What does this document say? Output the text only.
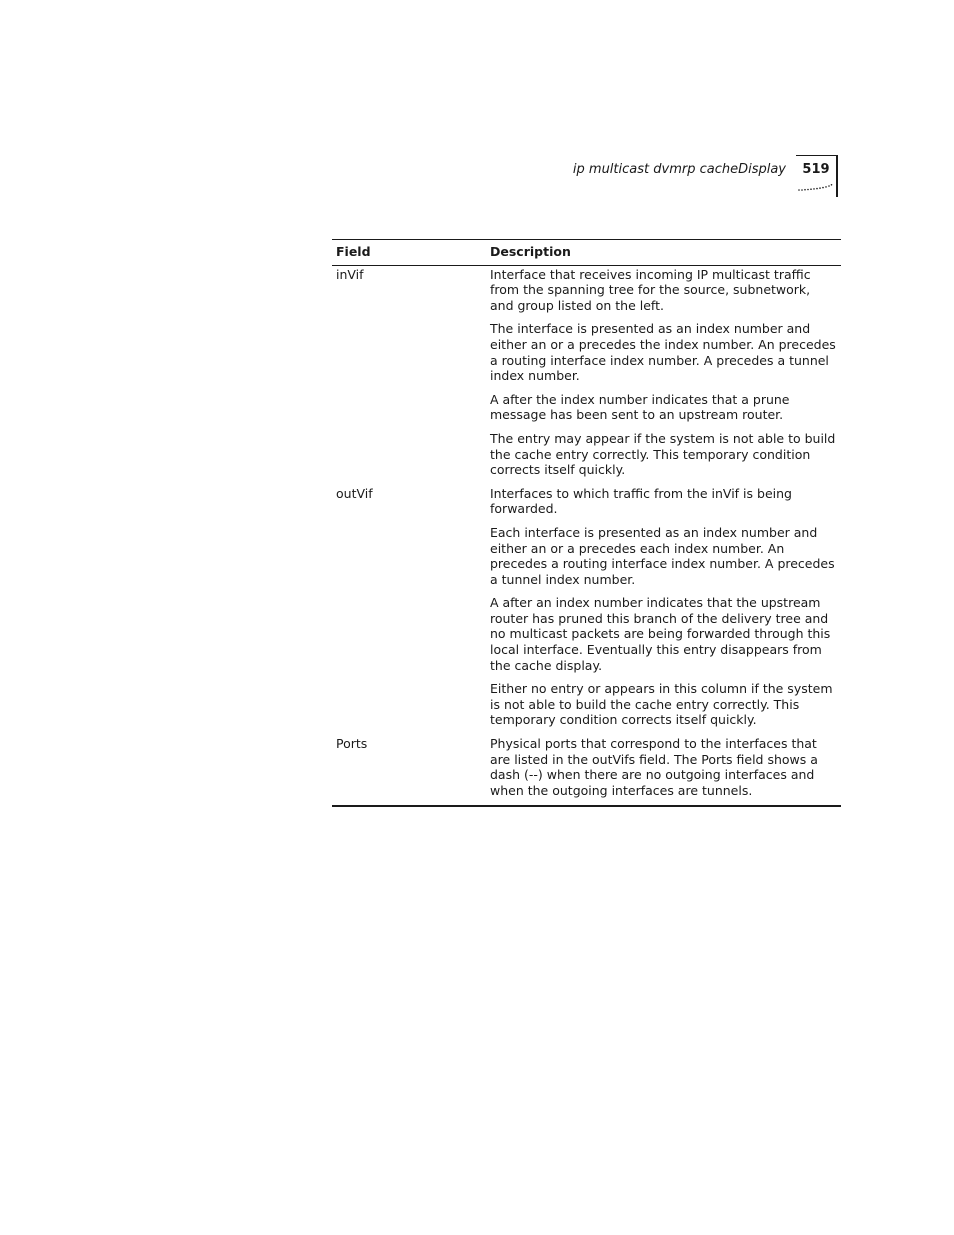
ip multicast dvmrp cacheDisplay	519
Field	Description
inVif	Interface that receives incoming IP multicast traffic from the spanning tree for the source, subnetwork, and group listed on the left.

The interface is presented as an index number and either an or a precedes the index number. An precedes a routing interface index number. A precedes a tunnel index number.

A after the index number indicates that a prune message has been sent to an upstream router.

The entry may appear if the system is not able to build the cache entry correctly. This temporary condition corrects itself quickly.

outVif	Interfaces to which traffic from the inVif is being forwarded.

Each interface is presented as an index number and either an or a precedes each index number. An precedes a routing interface index number. A precedes a tunnel index number.

A after an index number indicates that the upstream router has pruned this branch of the delivery tree and no multicast packets are being forwarded through this local interface. Eventually this entry disappears from the cache display.

Either no entry or appears in this column if the system is not able to build the cache entry correctly. This temporary condition corrects itself quickly.

Ports	Physical ports that correspond to the interfaces that are listed in the outVifs field. The Ports field shows a dash (--) when there are no outgoing interfaces and when the outgoing interfaces are tunnels.
